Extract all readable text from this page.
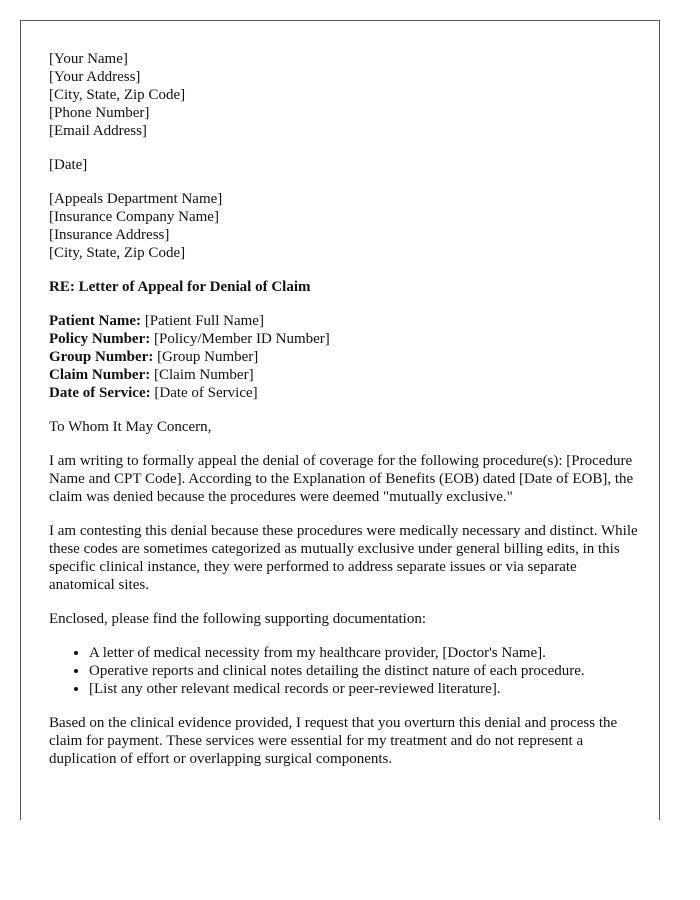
[Your Name]
[Your Address]
[City, State, Zip Code]
[Phone Number]
[Email Address]
[Date]
[Appeals Department Name]
[Insurance Company Name]
[Insurance Address]
[City, State, Zip Code]
RE: Letter of Appeal for Denial of Claim
Patient Name: [Patient Full Name]
Policy Number: [Policy/Member ID Number]
Group Number: [Group Number]
Claim Number: [Claim Number]
Date of Service: [Date of Service]

To Whom It May Concern,

I am writing to formally appeal the denial of coverage for the following procedure(s): [Procedure Name and CPT Code]. According to the Explanation of Benefits (EOB) dated [Date of EOB], the claim was denied because the procedures were deemed "mutually exclusive."

I am contesting this denial because these procedures were medically necessary and distinct. While these codes are sometimes categorized as mutually exclusive under general billing edits, in this specific clinical instance, they were performed to address separate issues or via separate anatomical sites.

Enclosed, please find the following supporting documentation:

• A letter of medical necessity from my healthcare provider, [Doctor's Name].
• Operative reports and clinical notes detailing the distinct nature of each procedure.
• [List any other relevant medical records or peer-reviewed literature].

Based on the clinical evidence provided, I request that you overturn this denial and process the claim for payment. These services were essential for my treatment and do not represent a duplication of effort or overlapping surgical components.
